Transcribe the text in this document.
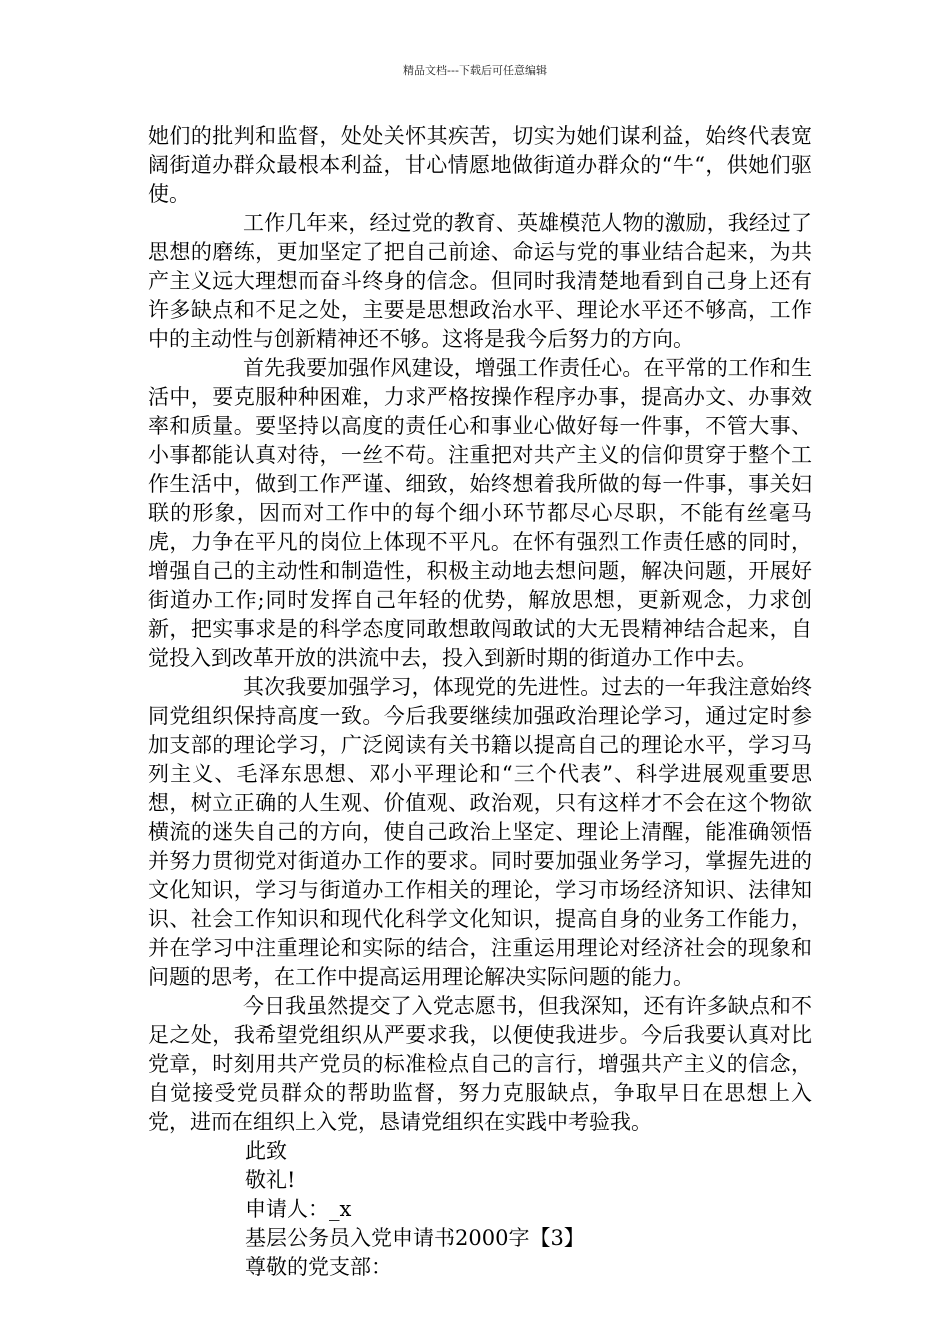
精品文档---下载后可任意编辑

她们的批判和监督，处处关怀其疾苦，切实为她们谋利益，始终代表宽阔街道办群众最根本利益，甘心情愿地做街道办群众的“牛“，供她们驱使。

工作几年来，经过党的教育、英雄模范人物的激励，我经过了思想的磨练，更加坚定了把自己前途、命运与党的事业结合起来，为共产主义远大理想而奋斗终身的信念。但同时我清楚地看到自己身上还有许多缺点和不足之处，主要是思想政治水平、理论水平还不够高，工作中的主动性与创新精神还不够。这将是我今后努力的方向。

首先我要加强作风建设，增强工作责任心。在平常的工作和生活中，要克服种种困难，力求严格按操作程序办事，提高办文、办事效率和质量。要坚持以高度的责任心和事业心做好每一件事，不管大事、小事都能认真对待，一丝不苟。注重把对共产主义的信仰贯穿于整个工作生活中，做到工作严谨、细致，始终想着我所做的每一件事，事关妇联的形象，因而对工作中的每个细小环节都尽心尽职，不能有丝毫马虎，力争在平凡的岗位上体现不平凡。在怀有强烈工作责任感的同时，增强自己的主动性和制造性，积极主动地去想问题，解决问题，开展好街道办工作;同时发挥自己年轻的优势，解放思想，更新观念，力求创新，把实事求是的科学态度同敢想敢闯敢试的大无畏精神结合起来，自觉投入到改革开放的洪流中去，投入到新时期的街道办工作中去。

其次我要加强学习，体现党的先进性。过去的一年我注意始终同党组织保持高度一致。今后我要继续加强政治理论学习，通过定时参加支部的理论学习，广泛阅读有关书籍以提高自己的理论水平，学习马列主义、毛泽东思想、邓小平理论和“三个代表”、科学进展观重要思想，树立正确的人生观、价值观、政治观，只有这样才不会在这个物欲横流的迷失自己的方向，使自己政治上坚定、理论上清醒，能准确领悟并努力贯彻党对街道办工作的要求。同时要加强业务学习，掌握先进的文化知识，学习与街道办工作相关的理论，学习市场经济知识、法律知识、社会工作知识和现代化科学文化知识，提高自身的业务工作能力，并在学习中注重理论和实际的结合，注重运用理论对经济社会的现象和问题的思考，在工作中提高运用理论解决实际问题的能力。

今日我虽然提交了入党志愿书，但我深知，还有许多缺点和不足之处，我希望党组织从严要求我，以便使我进步。今后我要认真对比党章，时刻用共产党员的标准检点自己的言行，增强共产主义的信念，自觉接受党员群众的帮助监督，努力克服缺点，争取早日在思想上入党，进而在组织上入党，恳请党组织在实践中考验我。

此致

敬礼!

申请人：_x

基层公务员入党申请书2000字【3】

尊敬的党支部：
